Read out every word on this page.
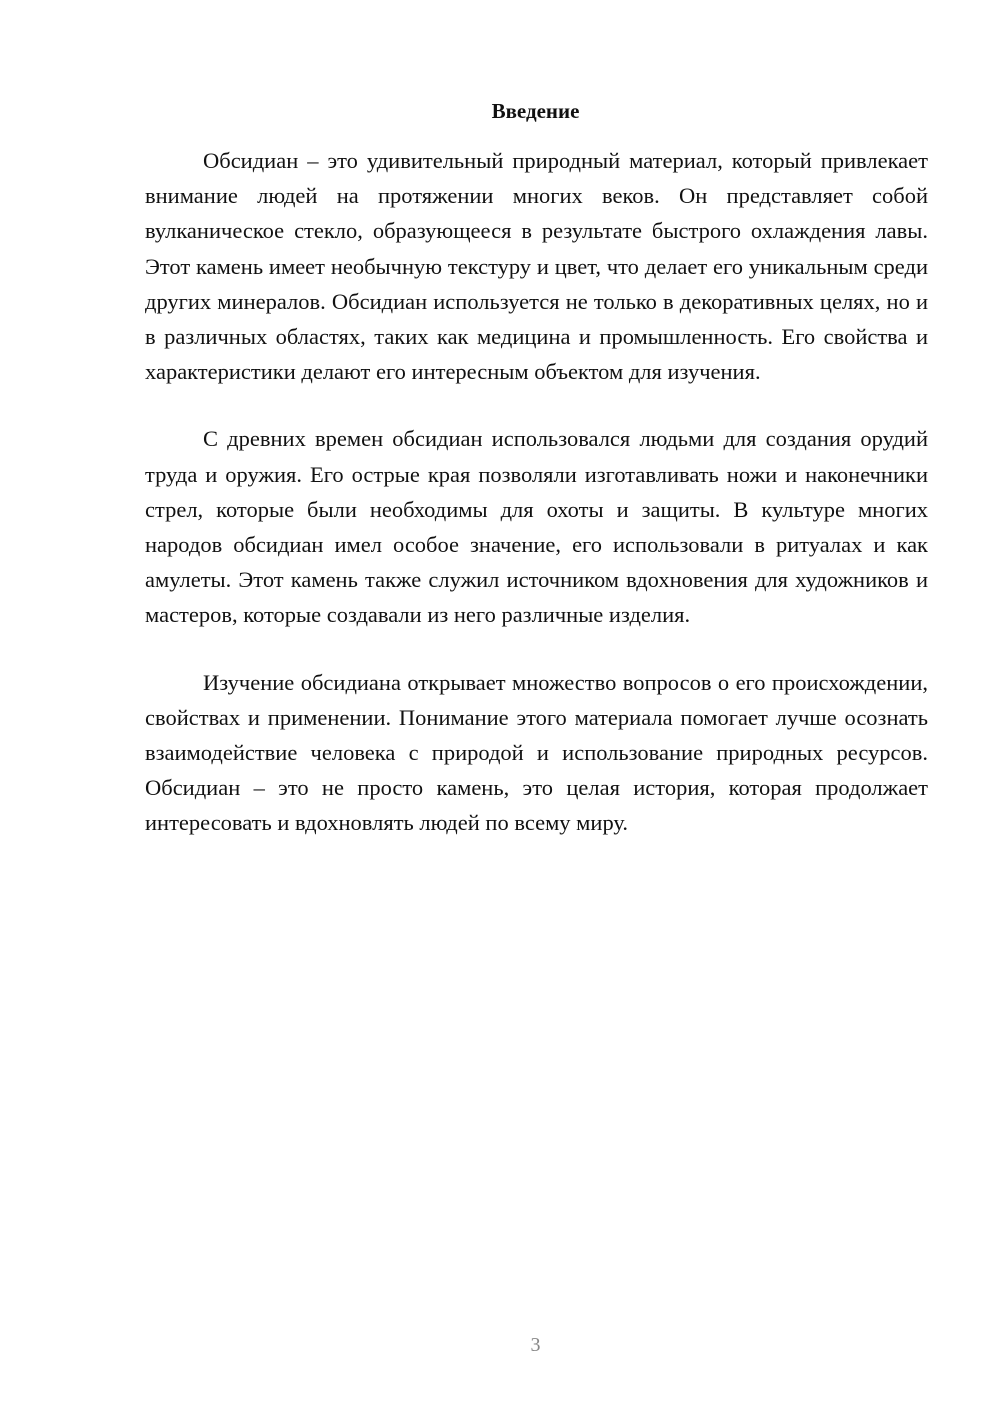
Введение

Обсидиан – это удивительный природный материал, который привлекает внимание людей на протяжении многих веков. Он представляет собой вулканическое стекло, образующееся в результате быстрого охлаждения лавы. Этот камень имеет необычную текстуру и цвет, что делает его уникальным среди других минералов. Обсидиан используется не только в декоративных целях, но и в различных областях, таких как медицина и промышленность. Его свойства и характеристики делают его интересным объектом для изучения.

С древних времен обсидиан использовался людьми для создания орудий труда и оружия. Его острые края позволяли изготавливать ножи и наконечники стрел, которые были необходимы для охоты и защиты. В культуре многих народов обсидиан имел особое значение, его использовали в ритуалах и как амулеты. Этот камень также служил источником вдохновения для художников и мастеров, которые создавали из него различные изделия.

Изучение обсидиана открывает множество вопросов о его происхождении, свойствах и применении. Понимание этого материала помогает лучше осознать взаимодействие человека с природой и использование природных ресурсов. Обсидиан – это не просто камень, это целая история, которая продолжает интересовать и вдохновлять людей по всему миру.

3
